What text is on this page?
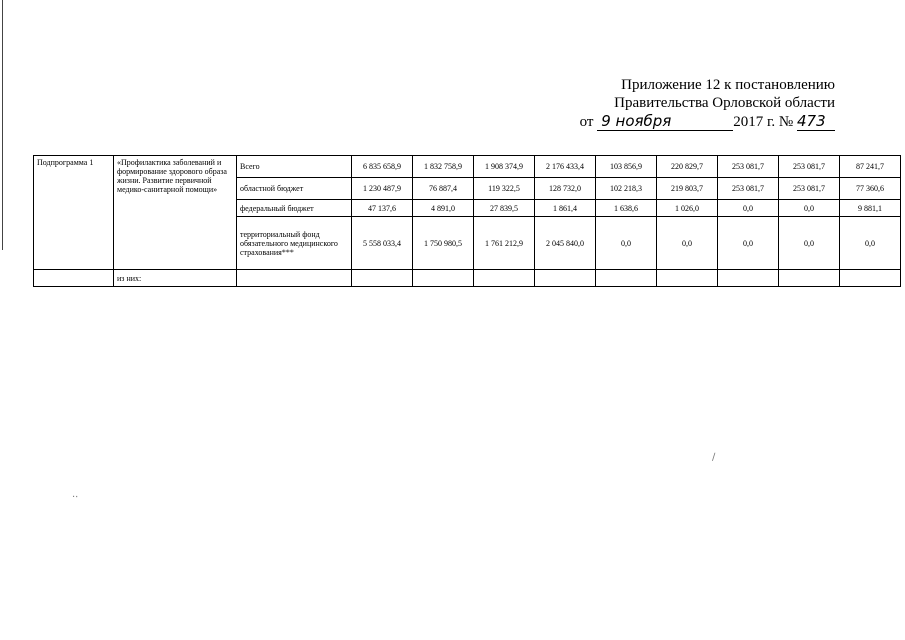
Приложение 12 к постановлению
Правительства Орловской области
от 9 ноября	2017 г. № 473
Подпрограмма 1	«Профилактика заболеваний и формирование здорового образа жизни. Развитие первичной медико-санитарной помощи»	Всего	6 835 658,9	1 832 758,9	1 908 374,9	2 176 433,4	103 856,9	220 829,7	253 081,7	253 081,7	87 241,7
		областной бюджет	1 230 487,9	76 887,4	119 322,5	128 732,0	102 218,3	219 803,7	253 081,7	253 081,7	77 360,6
		федеральный бюджет	47 137,6	4 891,0	27 839,5	1 861,4	1 638,6	1 026,0	0,0	0,0	9 881,1
		территориальный фонд обязательного медицинского страхования***	5 558 033,4	1 750 980,5	1 761 212,9	2 045 840,0	0,0	0,0	0,0	0,0	0,0
	из них:										
∕
·⋅
